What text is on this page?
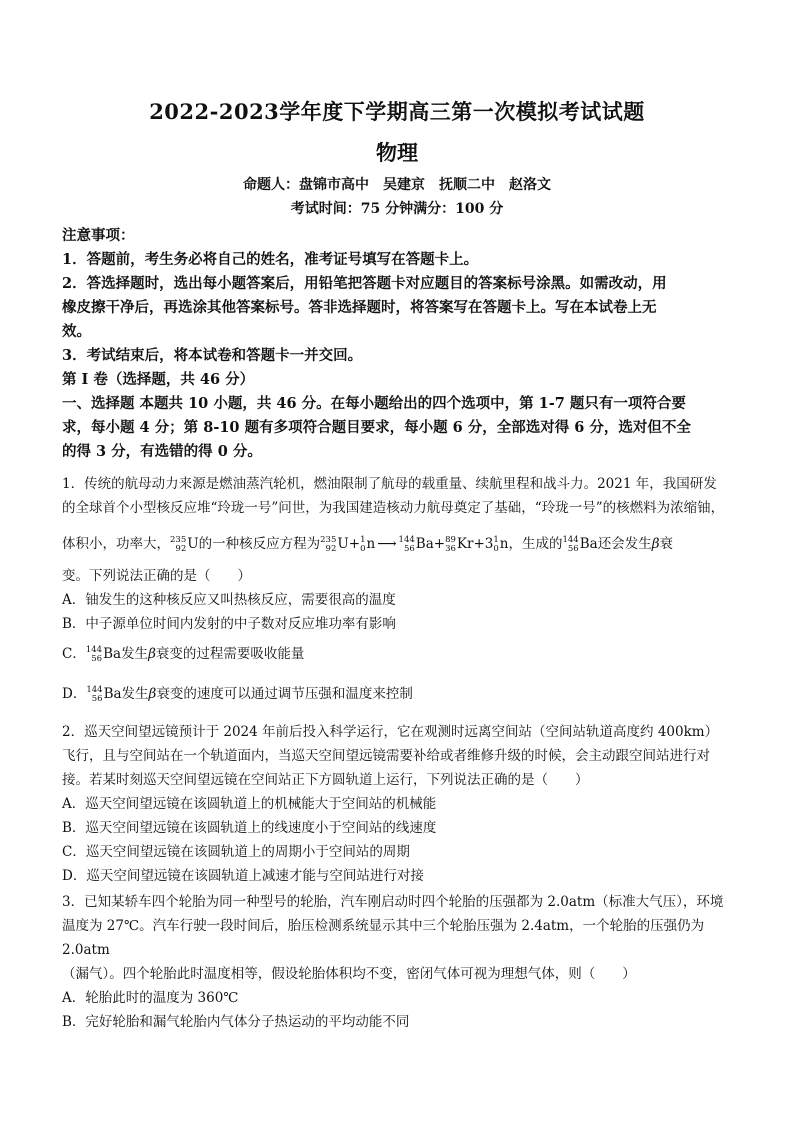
2022-2023学年度下学期高三第一次模拟考试试题
物理
命题人：盘锦市高中 吴建京 抚顺二中 赵洛文
考试时间：75 分钟满分：100 分
注意事项：
1．答题前，考生务必将自己的姓名，准考证号填写在答题卡上。
2．答选择题时，选出每小题答案后，用铅笔把答题卡对应题目的答案标号涂黑。如需改动，用
橡皮擦干净后，再选涂其他答案标号。答非选择题时，将答案写在答题卡上。写在本试卷上无
效。
3．考试结束后，将本试卷和答题卡一并交回。
第 I 卷（选择题，共 46 分）
一、选择题 本题共 10 小题，共 46 分。在每小题给出的四个选项中，第 1-7 题只有一项符合要
求，每小题 4 分；第 8-10 题有多项符合题目要求，每小题 6 分，全部选对得 6 分，选对但不全
的得 3 分，有选错的得 0 分。
1．传统的航母动力来源是燃油蒸汽轮机，燃油限制了航母的载重量、续航里程和战斗力。2021 年，我国研发
的全球首个小型核反应堆“玲珑一号”问世，为我国建造核动力航母奠定了基础，“玲珑一号”的核燃料为浓缩铀，
体积小，功率大， 235
92 U的一种核反应方程为 235
92 U+ 1
0 n ⟶ 144
56 Ba+ 89
36 Kr+3 1
0 n，生成的 144
56 Ba还会发生β衰
变。下列说法正确的是（　　）
A．铀发生的这种核反应又叫热核反应，需要很高的温度
B．中子源单位时间内发射的中子数对反应堆功率有影响
C． 144
56 Ba发生β衰变的过程需要吸收能量
D． 144
56 Ba发生β衰变的速度可以通过调节压强和温度来控制
2．巡天空间望远镜预计于 2024 年前后投入科学运行，它在观测时远离空间站（空间站轨道高度约 400km）
飞行，且与空间站在一个轨道面内，当巡天空间望远镜需要补给或者维修升级的时候，会主动跟空间站进行对
接。若某时刻巡天空间望远镜在空间站正下方圆轨道上运行，下列说法正确的是（　　）
A．巡天空间望远镜在该圆轨道上的机械能大于空间站的机械能
B．巡天空间望远镜在该圆轨道上的线速度小于空间站的线速度
C．巡天空间望远镜在该圆轨道上的周期小于空间站的周期
D．巡天空间望远镜在该圆轨道上减速才能与空间站进行对接
3．已知某轿车四个轮胎为同一种型号的轮胎，汽车刚启动时四个轮胎的压强都为 2.0atm（标准大气压），环境
温度为 27℃。汽车行驶一段时间后，胎压检测系统显示其中三个轮胎压强为 2.4atm，一个轮胎的压强仍为 2.0atm
（漏气）。四个轮胎此时温度相等，假设轮胎体积均不变，密闭气体可视为理想气体，则（　　）
A．轮胎此时的温度为 360℃
B．完好轮胎和漏气轮胎内气体分子热运动的平均动能不同
